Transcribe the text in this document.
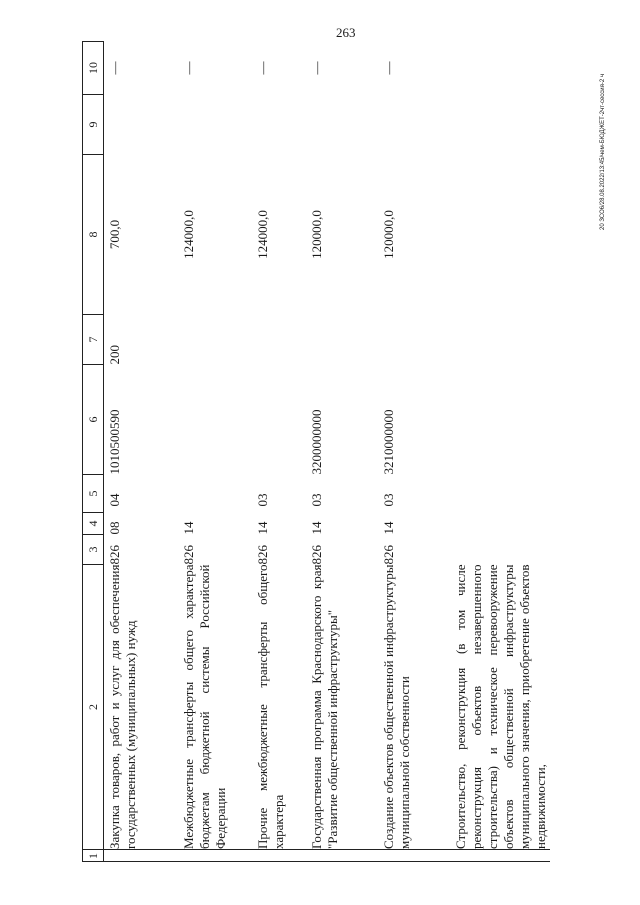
263
20 ЗСО6/28.08.2022/13:45/чем-БЮДЖЕТ-2чт-сессия-2 ч
1	2	3	4	5	6	7	8	9	10
	Закупка товаров, работ и услуг для обеспечения государственных (муниципальных) нужд	826	08	04	1010500590	200	700,0		—
	Межбюджетные трансферты общего характера бюджетам бюджетной системы Российской Федерации	826	14				124000,0		—
	Прочие межбюджетные трансферты общего характера	826	14	03			124000,0		—
	Государственная программа Краснодарского края "Развитие общественной инфраструктуры"	826	14	03	3200000000		120000,0		—
	Создание объектов общественной инфраструктуры муниципальной собственности	826	14	03	3210000000		120000,0		—
	Строительство, реконструкция (в том числе реконструкция объектов незавершенного строительства) и техническое перевооружение объектов общественной инфраструктуры муниципального значения, приобретение объектов недвижимости,								
